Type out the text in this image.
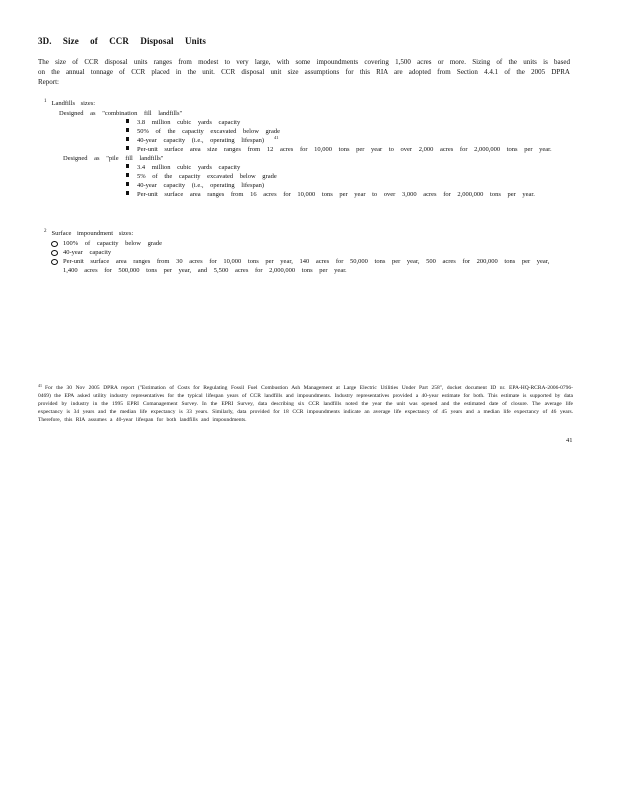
3D. Size of CCR Disposal Units

The size of CCR disposal units ranges from modest to very large, with some impoundments covering 1,500 acres or more. Sizing of the units is based on the annual tonnage of CCR placed in the unit. CCR disposal unit size assumptions for this RIA are adopted from Section 4.4.1 of the 2005 DPRA Report:

$^1$ Landfills sizes:
Designed as "combination fill landfills"
3.8 million cubic yards capacity
50% of the capacity excavated below grade
40-year capacity (i.e., operating lifespan) $^{41}$
Per-unit surface area size ranges from 12 acres for 10,000 tons per year to over 2,000 acres for 2,000,000 tons per year.
Designed as "pile fill landfills"
3.4 million cubic yards capacity
5% of the capacity excavated below grade
40-year capacity (i.e., operating lifespan)
Per-unit surface area ranges from 16 acres for 10,000 tons per year to over 3,000 acres for 2,000,000 tons per year.
$^2$ Surface impoundment sizes:
100% of capacity below grade
40-year capacity
Per-unit surface area ranges from 30 acres for 10,000 tons per year, 140 acres for 50,000 tons per year, 500 acres for 200,000 tons per year, 1,400 acres for 500,000 tons per year, and 5,500 acres for 2,000,000 tons per year.
$^{41}$ For the 30 Nov 2005 DPRA report ("Estimation of Costs for Regulating Fossil Fuel Combustion Ash Management at Large Electric Utilities Under Part 258", docket document ID nr. EPA-HQ-RCRA-2006-0796-0469) the EPA asked utility industry representatives for the typical lifespan years of CCR landfills and impoundments. Industry representatives provided a 40-year estimate for both. This estimate is supported by data provided by industry in the 1995 EPRI Comanagement Survey. In the EPRI Survey, data describing six CCR landfills noted the year the unit was opened and the estimated date of closure. The average life expectancy is 34 years and the median life expectancy is 33 years. Similarly, data provided for 18 CCR impoundments indicate an average life expectancy of 45 years and a median life expectancy of 46 years. Therefore, this RIA assumes a 40-year lifespan for both landfills and impoundments.
41
